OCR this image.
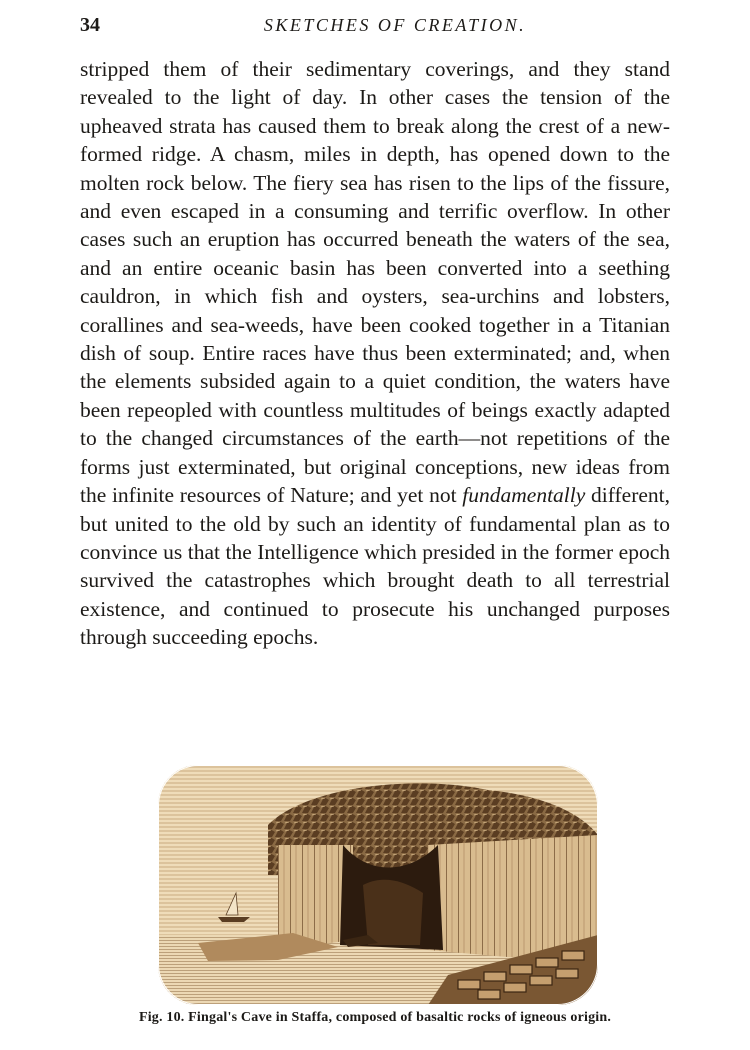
34	SKETCHES OF CREATION.

stripped them of their sedimentary coverings, and they stand revealed to the light of day. In other cases the tension of the upheaved strata has caused them to break along the crest of a new-formed ridge. A chasm, miles in depth, has opened down to the molten rock below. The fiery sea has risen to the lips of the fissure, and even escaped in a consuming and terrific overflow. In other cases such an eruption has occurred beneath the waters of the sea, and an entire oceanic basin has been converted into a seething cauldron, in which fish and oysters, sea-urchins and lobsters, corallines and sea-weeds, have been cooked together in a Titanian dish of soup. Entire races have thus been exterminated; and, when the elements subsided again to a quiet condition, the waters have been repeopled with countless multitudes of beings exactly adapted to the changed circumstances of the earth—not repetitions of the forms just exterminated, but original conceptions, new ideas from the infinite resources of Nature; and yet not fundamentally different, but united to the old by such an identity of fundamental plan as to convince us that the Intelligence which presided in the former epoch survived the catastrophes which brought death to all terrestrial existence, and continued to prosecute his unchanged purposes through succeeding epochs.

Fig. 10. Fingal's Cave in Staffa, composed of basaltic rocks of igneous origin.
